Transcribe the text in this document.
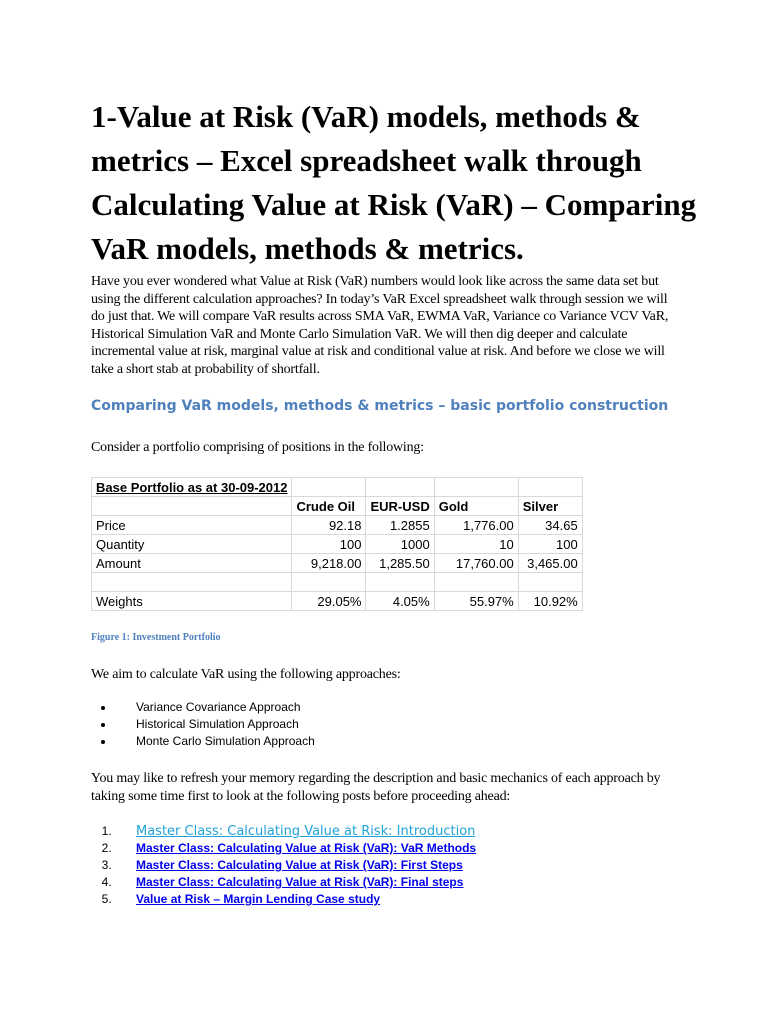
1-Value at Risk (VaR) models, methods & metrics – Excel spreadsheet walk through
Calculating Value at Risk (VaR) – Comparing VaR models, methods & metrics.

Have you ever wondered what Value at Risk (VaR) numbers would look like across the same data set but using the different calculation approaches? In today’s VaR Excel spreadsheet walk through session we will do just that. We will compare VaR results across SMA VaR, EWMA VaR, Variance co Variance VCV VaR, Historical Simulation VaR and Monte Carlo Simulation VaR. We will then dig deeper and calculate incremental value at risk, marginal value at risk and conditional value at risk. And before we close we will take a short stab at probability of shortfall.

Comparing VaR models, methods & metrics – basic portfolio construction

Consider a portfolio comprising of positions in the following:

Base Portfolio as at 30-09-2012				
	Crude Oil	EUR-USD	Gold	Silver
Price	92.18	1.2855	1,776.00	34.65
Quantity	100	1000	10	100
Amount	9,218.00	1,285.50	17,760.00	3,465.00

Weights	29.05%	4.05%	55.97%	10.92%

Figure 1: Investment Portfolio

We aim to calculate VaR using the following approaches:

• Variance Covariance Approach
• Historical Simulation Approach
• Monte Carlo Simulation Approach

You may like to refresh your memory regarding the description and basic mechanics of each approach by taking some time first to look at the following posts before proceeding ahead:

1. Master Class: Calculating Value at Risk: Introduction
2. Master Class: Calculating Value at Risk (VaR): VaR Methods
3. Master Class: Calculating Value at Risk (VaR): First Steps
4. Master Class: Calculating Value at Risk (VaR): Final steps
5. Value at Risk – Margin Lending Case study
